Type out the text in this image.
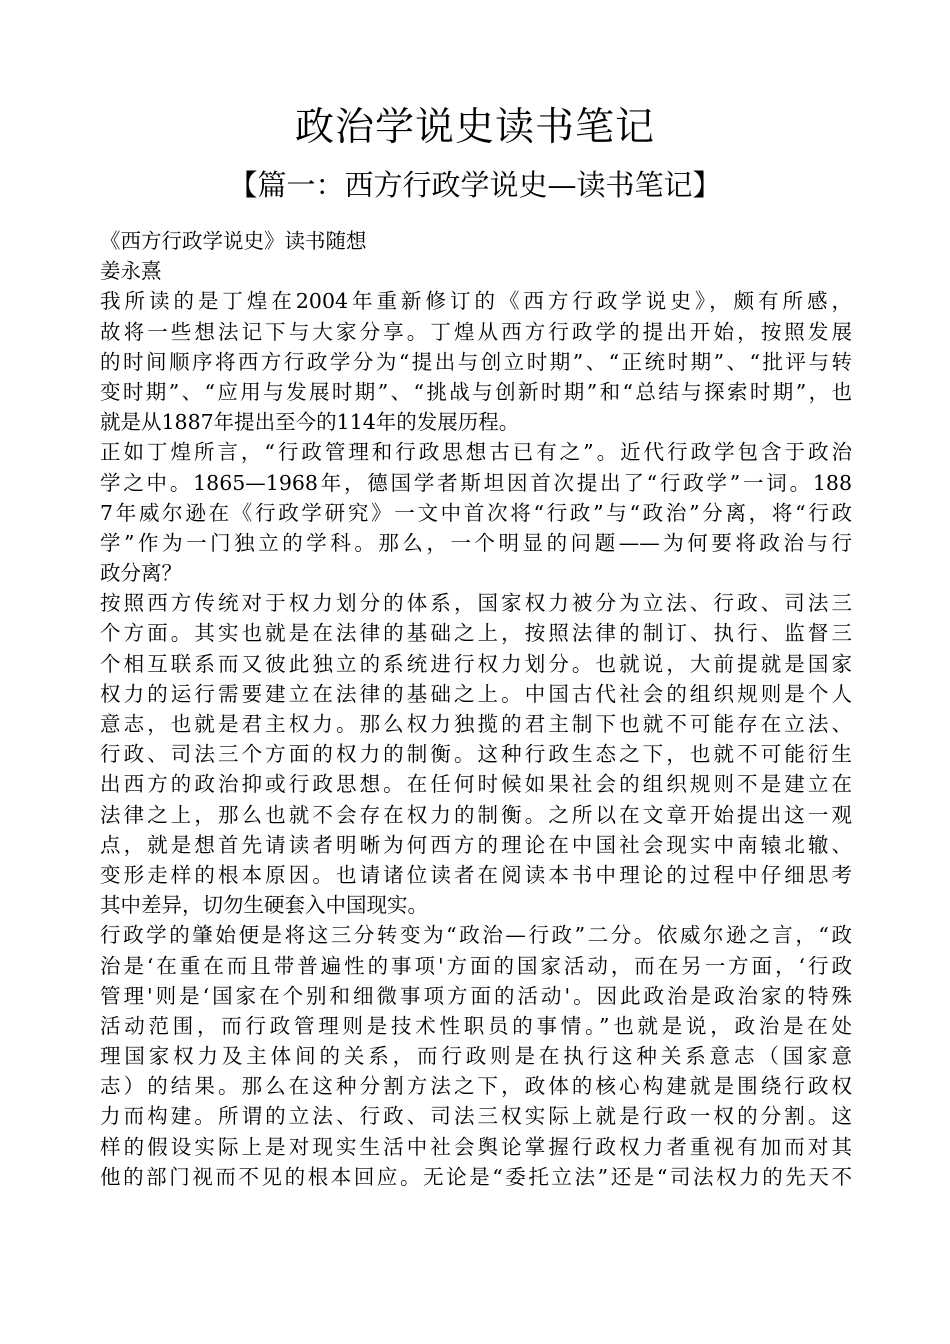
政治学说史读书笔记
【篇一：西方行政学说史—读书笔记】
《西方行政学说史》读书随想
姜永熹
我所读的是丁煌在2004年重新修订的《西方行政学说史》，颇有所感，
故将一些想法记下与大家分享。丁煌从西方行政学的提出开始，按照发展
的时间顺序将西方行政学分为“提出与创立时期”、“正统时期”、“批评与转
变时期”、“应用与发展时期”、“挑战与创新时期”和“总结与探索时期”，也
就是从1887年提出至今的114年的发展历程。
正如丁煌所言，“行政管理和行政思想古已有之”。近代行政学包含于政治
学之中。1865—1968年，德国学者斯坦因首次提出了“行政学”一词。188
7年威尔逊在《行政学研究》一文中首次将“行政”与“政治”分离，将“行政
学”作为一门独立的学科。那么，一个明显的问题——为何要将政治与行
政分离？
按照西方传统对于权力划分的体系，国家权力被分为立法、行政、司法三
个方面。其实也就是在法律的基础之上，按照法律的制订、执行、监督三
个相互联系而又彼此独立的系统进行权力划分。也就说，大前提就是国家
权力的运行需要建立在法律的基础之上。中国古代社会的组织规则是个人
意志，也就是君主权力。那么权力独揽的君主制下也就不可能存在立法、
行政、司法三个方面的权力的制衡。这种行政生态之下，也就不可能衍生
出西方的政治抑或行政思想。在任何时候如果社会的组织规则不是建立在
法律之上，那么也就不会存在权力的制衡。之所以在文章开始提出这一观
点，就是想首先请读者明晰为何西方的理论在中国社会现实中南辕北辙、
变形走样的根本原因。也请诸位读者在阅读本书中理论的过程中仔细思考
其中差异，切勿生硬套入中国现实。
行政学的肇始便是将这三分转变为“政治—行政”二分。依威尔逊之言，“政
治是‘在重在而且带普遍性的事项'方面的国家活动，而在另一方面，‘行政
管理'则是‘国家在个别和细微事项方面的活动'。因此政治是政治家的特殊
活动范围，而行政管理则是技术性职员的事情。”也就是说，政治是在处
理国家权力及主体间的关系，而行政则是在执行这种关系意志（国家意
志）的结果。那么在这种分割方法之下，政体的核心构建就是围绕行政权
力而构建。所谓的立法、行政、司法三权实际上就是行政一权的分割。这
样的假设实际上是对现实生活中社会舆论掌握行政权力者重视有加而对其
他的部门视而不见的根本回应。无论是“委托立法”还是“司法权力的先天不
